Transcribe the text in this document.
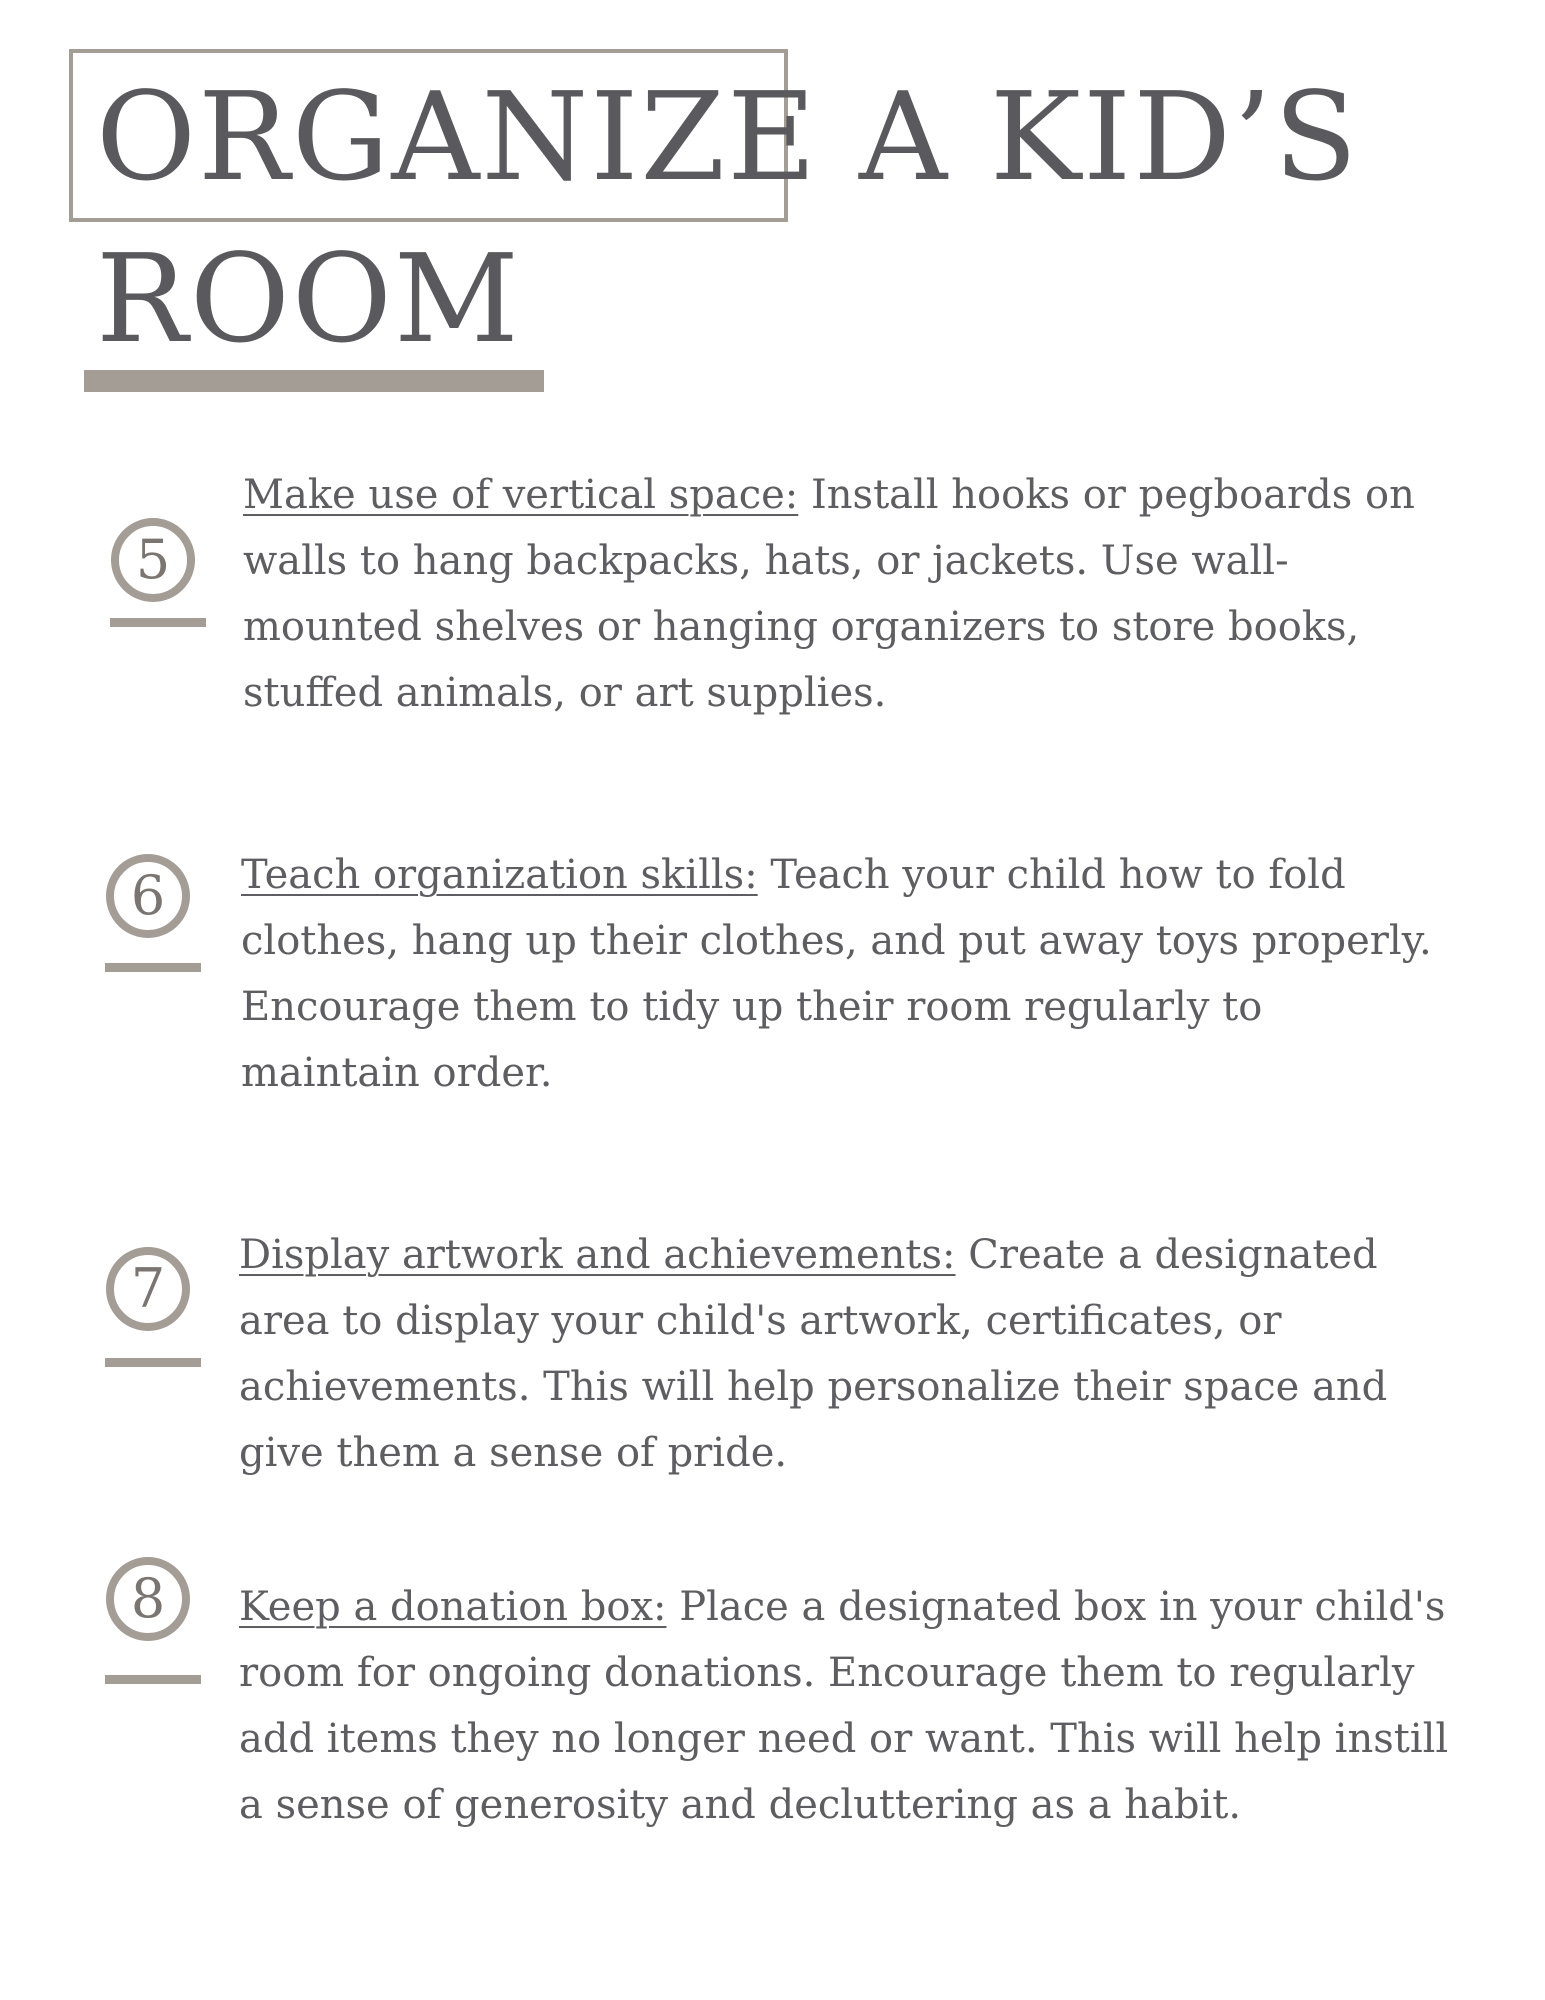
ORGANIZE A KID’S
ROOM
5
Make use of vertical space: Install hooks or pegboards on walls to hang backpacks, hats, or jackets. Use wall-mounted shelves or hanging organizers to store books, stuffed animals, or art supplies.
6	Teach organization skills: Teach your child how to fold clothes, hang up their clothes, and put away toys properly. Encourage them to tidy up their room regularly to maintain order.
7
Display artwork and achievements: Create a designated area to display your child's artwork, certificates, or achievements. This will help personalize their space and give them a sense of pride.
8	Keep a donation box: Place a designated box in your child's room for ongoing donations. Encourage them to regularly add items they no longer need or want. This will help instill a sense of generosity and decluttering as a habit.
